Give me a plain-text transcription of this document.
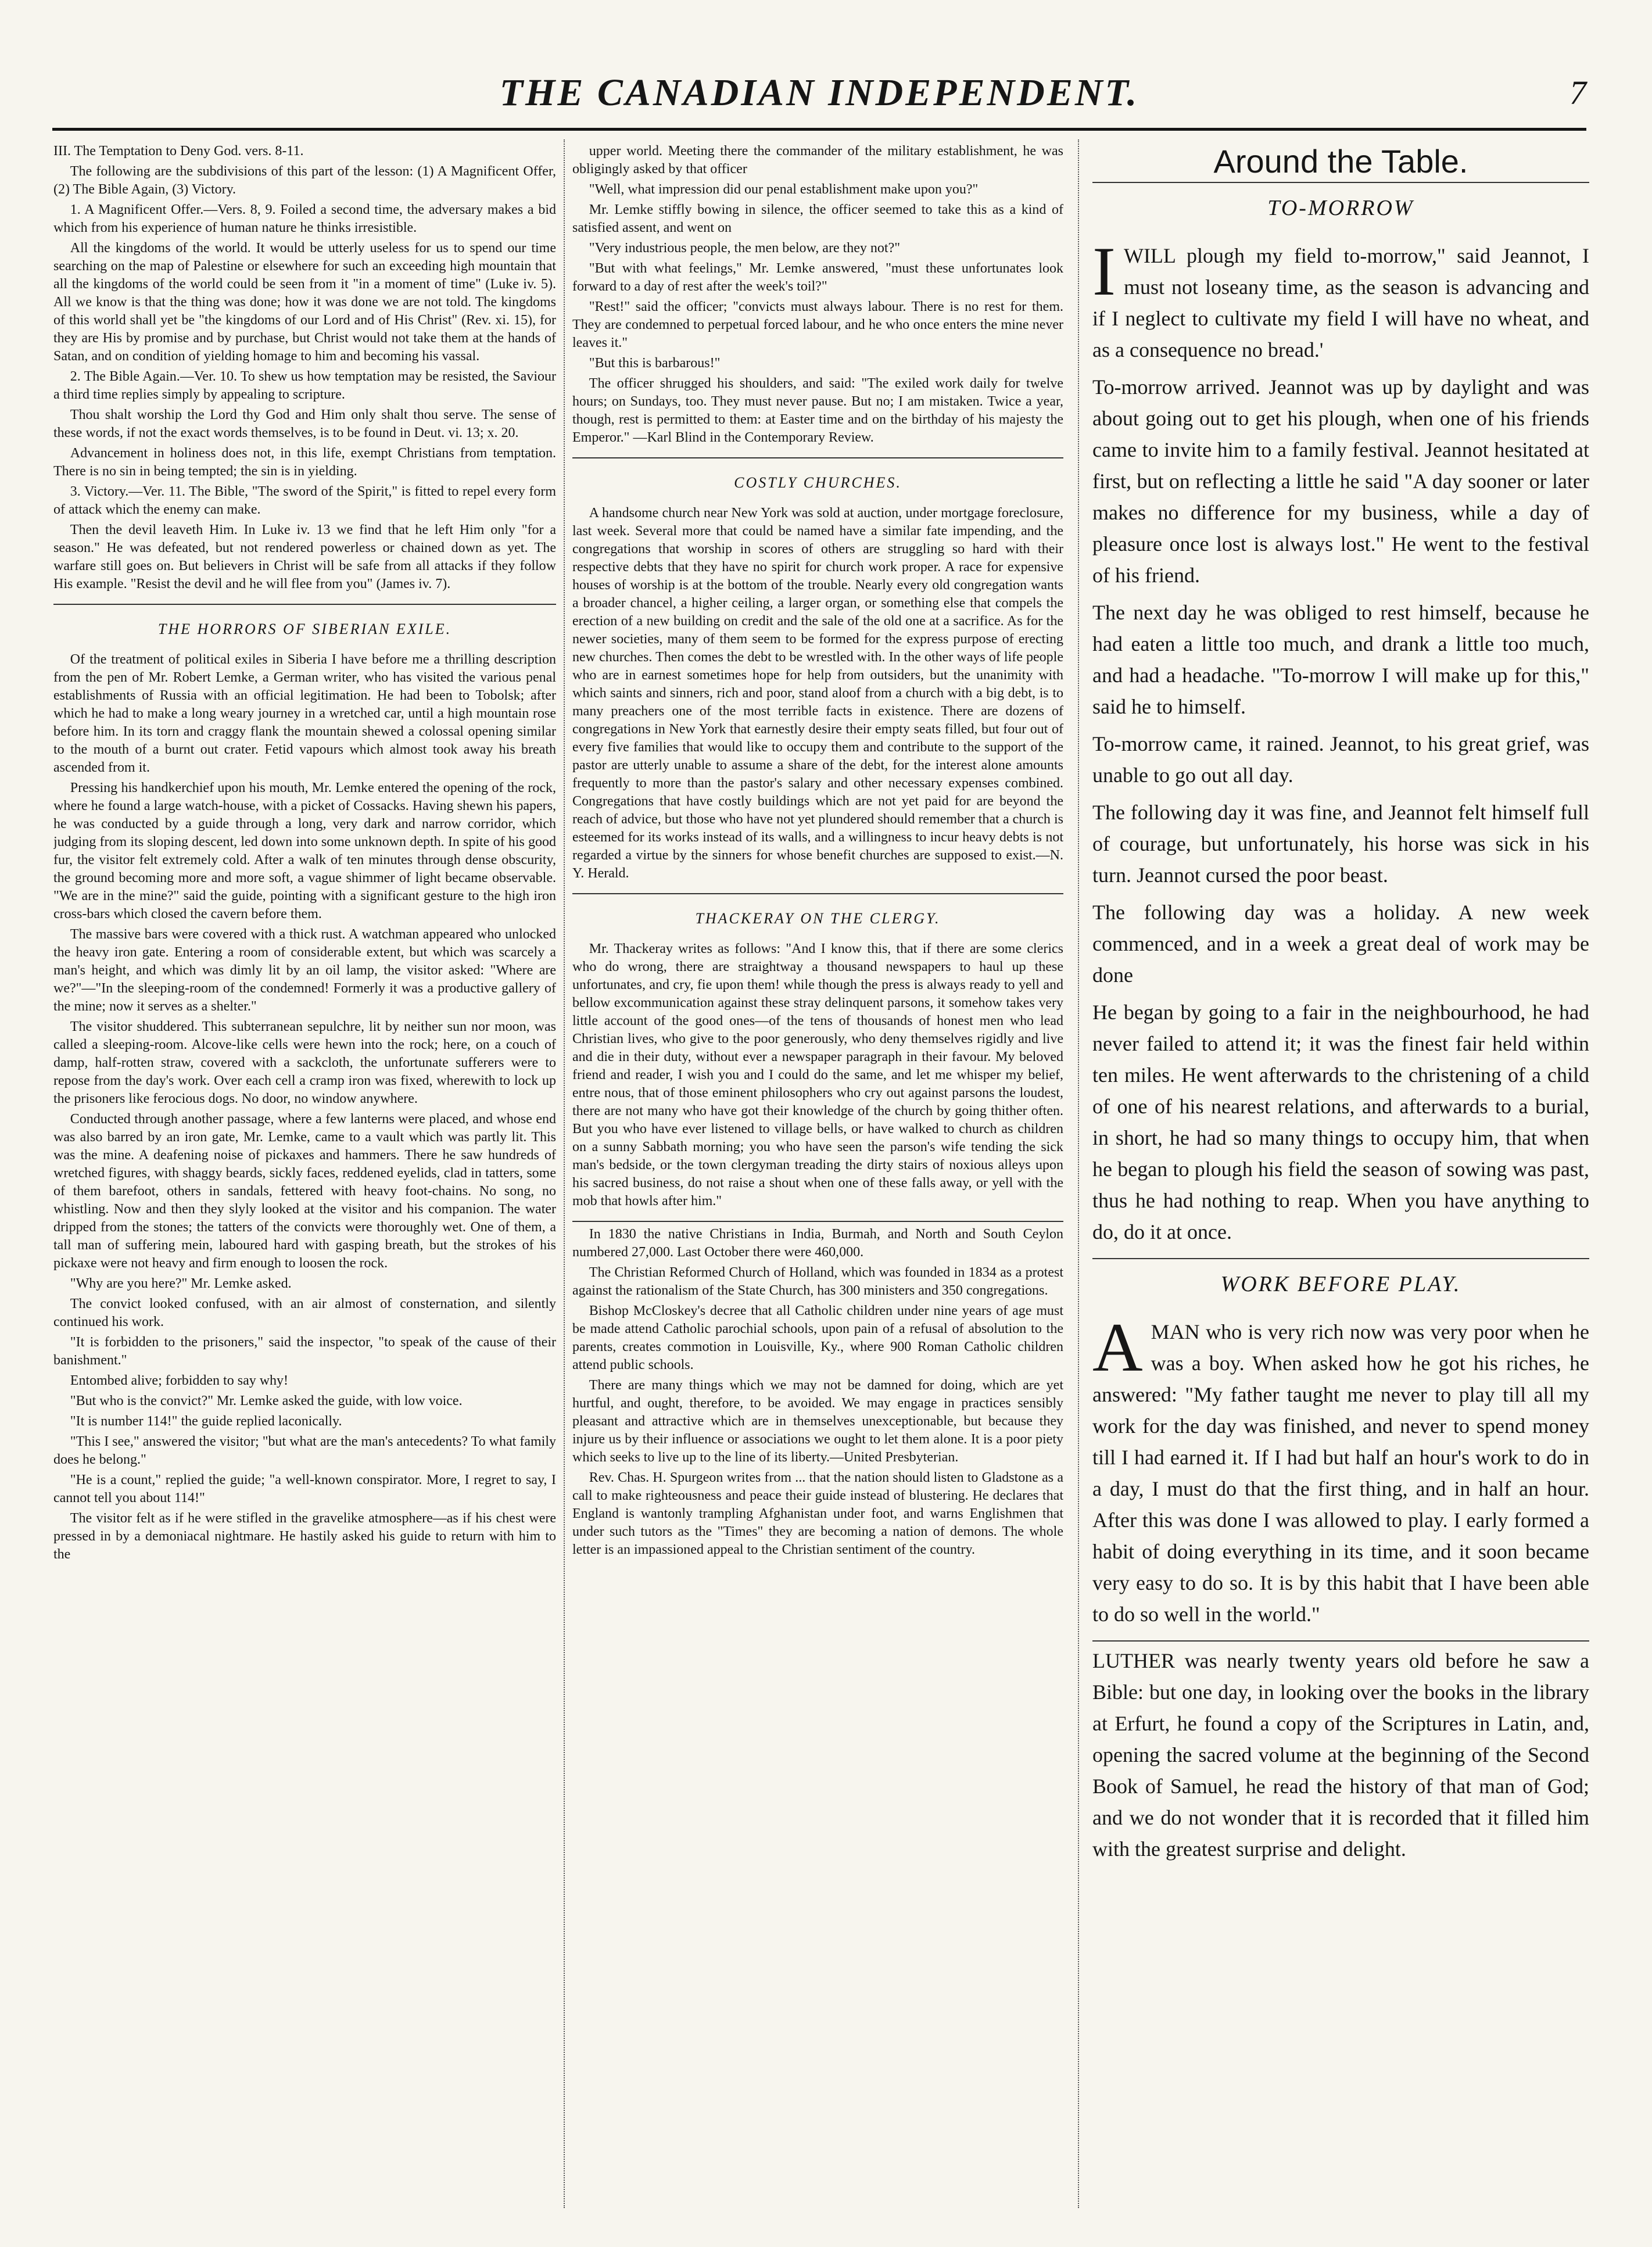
THE CANADIAN INDEPENDENT.	7

III. The Temptation to Deny God. vers. 8-11.

The following are the subdivisions of this part of the lesson: (1) A Magnificent Offer, (2) The Bible Again, (3) Victory.

1. A Magnificent Offer.—Vers. 8, 9. Foiled a second time, the adversary makes a bid which from his experience of human nature he thinks irresistible.

All the kingdoms of the world. It would be utterly useless for us to spend our time searching on the map of Palestine or elsewhere for such an exceeding high mountain that all the kingdoms of the world could be seen from it "in a moment of time" (Luke iv. 5). All we know is that the thing was done; how it was done we are not told. The kingdoms of this world shall yet be "the kingdoms of our Lord and of His Christ" (Rev. xi. 15), for they are His by promise and by purchase, but Christ would not take them at the hands of Satan, and on condition of yielding homage to him and becoming his vassal.

2. The Bible Again.—Ver. 10. To shew us how temptation may be resisted, the Saviour a third time replies simply by appealing to scripture.

Thou shalt worship the Lord thy God and Him only shalt thou serve. The sense of these words, if not the exact words themselves, is to be found in Deut. vi. 13; x. 20.

Advancement in holiness does not, in this life, exempt Christians from temptation. There is no sin in being tempted; the sin is in yielding.

3. Victory.—Ver. 11. The Bible, "The sword of the Spirit," is fitted to repel every form of attack which the enemy can make.

Then the devil leaveth Him. In Luke iv. 13 we find that he left Him only "for a season." He was defeated, but not rendered powerless or chained down as yet. The warfare still goes on. But believers in Christ will be safe from all attacks if they follow His example. "Resist the devil and he will flee from you" (James iv. 7).

THE HORRORS OF SIBERIAN EXILE.

Of the treatment of political exiles in Siberia I have before me a thrilling description from the pen of Mr. Robert Lemke, a German writer, who has visited the various penal establishments of Russia with an official legitimation. He had been to Tobolsk; after which he had to make a long weary journey in a wretched car, until a high mountain rose before him. In its torn and craggy flank the mountain shewed a colossal opening similar to the mouth of a burnt out crater. Fetid vapours which almost took away his breath ascended from it.

Pressing his handkerchief upon his mouth, Mr. Lemke entered the opening of the rock, where he found a large watch-house, with a picket of Cossacks. Having shewn his papers, he was conducted by a guide through a long, very dark and narrow corridor, which judging from its sloping descent, led down into some unknown depth. In spite of his good fur, the visitor felt extremely cold. After a walk of ten minutes through dense obscurity, the ground becoming more and more soft, a vague shimmer of light became observable. "We are in the mine?" said the guide, pointing with a significant gesture to the high iron cross-bars which closed the cavern before them.

The massive bars were covered with a thick rust. A watchman appeared who unlocked the heavy iron gate. Entering a room of considerable extent, but which was scarcely a man's height, and which was dimly lit by an oil lamp, the visitor asked: "Where are we?"—"In the sleeping-room of the condemned! Formerly it was a productive gallery of the mine; now it serves as a shelter."

The visitor shuddered. This subterranean sepulchre, lit by neither sun nor moon, was called a sleeping-room. Alcove-like cells were hewn into the rock; here, on a couch of damp, half-rotten straw, covered with a sackcloth, the unfortunate sufferers were to repose from the day's work. Over each cell a cramp iron was fixed, wherewith to lock up the prisoners like ferocious dogs. No door, no window anywhere.

Conducted through another passage, where a few lanterns were placed, and whose end was also barred by an iron gate, Mr. Lemke, came to a vault which was partly lit. This was the mine. A deafening noise of pickaxes and hammers. There he saw hundreds of wretched figures, with shaggy beards, sickly faces, reddened eyelids, clad in tatters, some of them barefoot, others in sandals, fettered with heavy foot-chains. No song, no whistling. Now and then they slyly looked at the visitor and his companion. The water dripped from the stones; the tatters of the convicts were thoroughly wet. One of them, a tall man of suffering mein, laboured hard with gasping breath, but the strokes of his pickaxe were not heavy and firm enough to loosen the rock.

"Why are you here?" Mr. Lemke asked.

The convict looked confused, with an air almost of consternation, and silently continued his work.

"It is forbidden to the prisoners," said the inspector, "to speak of the cause of their banishment."

Entombed alive; forbidden to say why!

"But who is the convict?" Mr. Lemke asked the guide, with low voice.

"It is number 114!" the guide replied laconically.

"This I see," answered the visitor; "but what are the man's antecedents? To what family does he belong."

"He is a count," replied the guide; "a well-known conspirator. More, I regret to say, I cannot tell you about 114!"

The visitor felt as if he were stifled in the gravelike atmosphere—as if his chest were pressed in by a demoniacal nightmare. He hastily asked his guide to return with him to the

upper world. Meeting there the commander of the military establishment, he was obligingly asked by that officer

"Well, what impression did our penal establishment make upon you?"

Mr. Lemke stiffly bowing in silence, the officer seemed to take this as a kind of satisfied assent, and went on

"Very industrious people, the men below, are they not?"

"But with what feelings," Mr. Lemke answered, "must these unfortunates look forward to a day of rest after the week's toil?"

"Rest!" said the officer; "convicts must always labour. There is no rest for them. They are condemned to perpetual forced labour, and he who once enters the mine never leaves it."

"But this is barbarous!"

The officer shrugged his shoulders, and said: "The exiled work daily for twelve hours; on Sundays, too. They must never pause. But no; I am mistaken. Twice a year, though, rest is permitted to them: at Easter time and on the birthday of his majesty the Emperor." —Karl Blind in the Contemporary Review.

COSTLY CHURCHES.

A handsome church near New York was sold at auction, under mortgage foreclosure, last week. Several more that could be named have a similar fate impending, and the congregations that worship in scores of others are struggling so hard with their respective debts that they have no spirit for church work proper. A race for expensive houses of worship is at the bottom of the trouble. Nearly every old congregation wants a broader chancel, a higher ceiling, a larger organ, or something else that compels the erection of a new building on credit and the sale of the old one at a sacrifice. As for the newer societies, many of them seem to be formed for the express purpose of erecting new churches. Then comes the debt to be wrestled with. In the other ways of life people who are in earnest sometimes hope for help from outsiders, but the unanimity with which saints and sinners, rich and poor, stand aloof from a church with a big debt, is to many preachers one of the most terrible facts in existence. There are dozens of congregations in New York that earnestly desire their empty seats filled, but four out of every five families that would like to occupy them and contribute to the support of the pastor are utterly unable to assume a share of the debt, for the interest alone amounts frequently to more than the pastor's salary and other necessary expenses combined. Congregations that have costly buildings which are not yet paid for are beyond the reach of advice, but those who have not yet plundered should remember that a church is esteemed for its works instead of its walls, and a willingness to incur heavy debts is not regarded a virtue by the sinners for whose benefit churches are supposed to exist.—N. Y. Herald.

THACKERAY ON THE CLERGY.

Mr. Thackeray writes as follows: "And I know this, that if there are some clerics who do wrong, there are straightway a thousand newspapers to haul up these unfortunates, and cry, fie upon them! while though the press is always ready to yell and bellow excommunication against these stray delinquent parsons, it somehow takes very little account of the good ones—of the tens of thousands of honest men who lead Christian lives, who give to the poor generously, who deny themselves rigidly and live and die in their duty, without ever a newspaper paragraph in their favour. My beloved friend and reader, I wish you and I could do the same, and let me whisper my belief, entre nous, that of those eminent philosophers who cry out against parsons the loudest, there are not many who have got their knowledge of the church by going thither often. But you who have ever listened to village bells, or have walked to church as children on a sunny Sabbath morning; you who have seen the parson's wife tending the sick man's bedside, or the town clergyman treading the dirty stairs of noxious alleys upon his sacred business, do not raise a shout when one of these falls away, or yell with the mob that howls after him."

In 1830 the native Christians in India, Burmah, and North and South Ceylon numbered 27,000. Last October there were 460,000.

The Christian Reformed Church of Holland, which was founded in 1834 as a protest against the rationalism of the State Church, has 300 ministers and 350 congregations.

Bishop McCloskey's decree that all Catholic children under nine years of age must be made attend Catholic parochial schools, upon pain of a refusal of absolution to the parents, creates commotion in Louisville, Ky., where 900 Roman Catholic children attend public schools.

There are many things which we may not be damned for doing, which are yet hurtful, and ought, therefore, to be avoided. We may engage in practices sensibly pleasant and attractive which are in themselves unexceptionable, but because they injure us by their influence or associations we ought to let them alone. It is a poor piety which seeks to live up to the line of its liberty.—United Presbyterian.

Rev. Chas. H. Spurgeon writes from ... that the nation should listen to Gladstone as a call to make righteousness and peace their guide instead of blustering. He declares that England is wantonly trampling Afghanistan under foot, and warns Englishmen that under such tutors as the "Times" they are becoming a nation of demons. The whole letter is an impassioned appeal to the Christian sentiment of the country.

Around the Table.
TO-MORROW

I WILL plough my field to-morrow," said Jeannot, I must not loseany time, as the season is advancing and if I neglect to cultivate my field I will have no wheat, and as a consequence no bread.'

To-morrow arrived. Jeannot was up by daylight and was about going out to get his plough, when one of his friends came to invite him to a family festival. Jeannot hesitated at first, but on reflecting a little he said "A day sooner or later makes no difference for my business, while a day of pleasure once lost is always lost." He went to the festival of his friend.

The next day he was obliged to rest himself, because he had eaten a little too much, and drank a little too much, and had a headache. "To-morrow I will make up for this," said he to himself.

To-morrow came, it rained. Jeannot, to his great grief, was unable to go out all day.

The following day it was fine, and Jeannot felt himself full of courage, but unfortunately, his horse was sick in his turn. Jeannot cursed the poor beast.

The following day was a holiday. A new week commenced, and in a week a great deal of work may be done

He began by going to a fair in the neighbourhood, he had never failed to attend it; it was the finest fair held within ten miles. He went afterwards to the christening of a child of one of his nearest relations, and afterwards to a burial, in short, he had so many things to occupy him, that when he began to plough his field the season of sowing was past, thus he had nothing to reap. When you have anything to do, do it at once.

WORK BEFORE PLAY.

A MAN who is very rich now was very poor when he was a boy. When asked how he got his riches, he answered: "My father taught me never to play till all my work for the day was finished, and never to spend money till I had earned it. If I had but half an hour's work to do in a day, I must do that the first thing, and in half an hour. After this was done I was allowed to play. I early formed a habit of doing everything in its time, and it soon became very easy to do so. It is by this habit that I have been able to do so well in the world."

LUTHER was nearly twenty years old before he saw a Bible: but one day, in looking over the books in the library at Erfurt, he found a copy of the Scriptures in Latin, and, opening the sacred volume at the beginning of the Second Book of Samuel, he read the history of that man of God; and we do not wonder that it is recorded that it filled him with the greatest surprise and delight.
